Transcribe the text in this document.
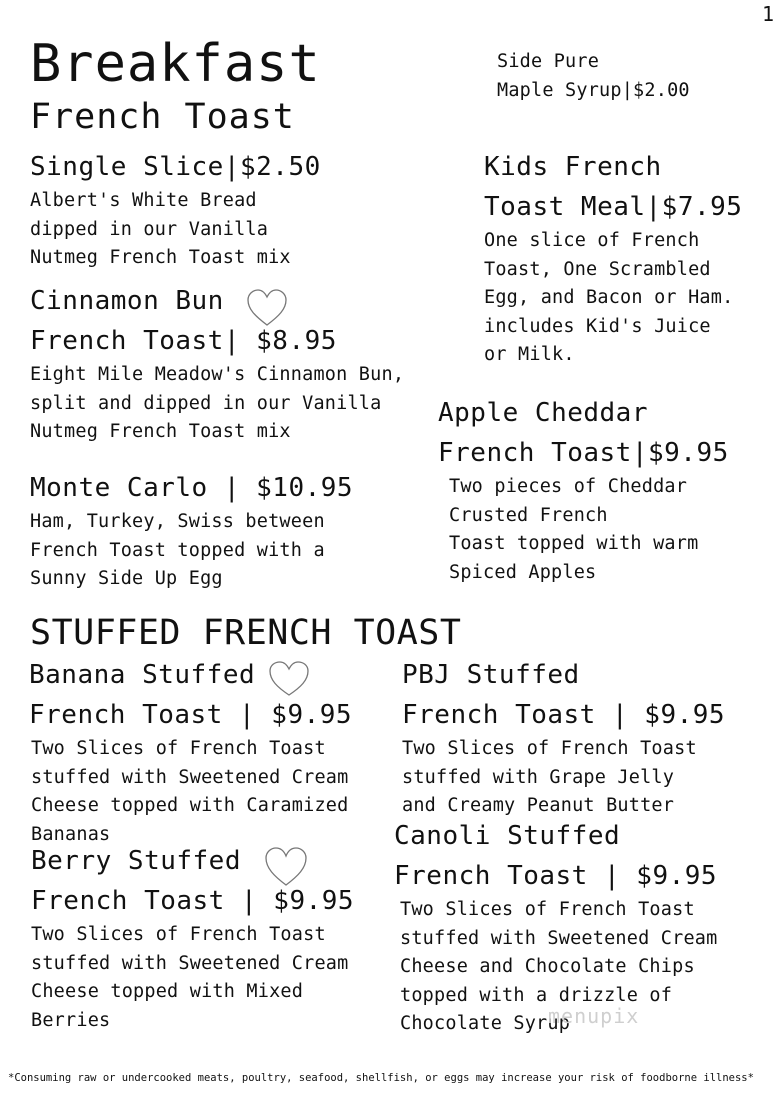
1
Breakfast
French Toast
Side Pure
Maple Syrup|$2.00
Single Slice|$2.50
Albert's White Bread
dipped in our Vanilla
Nutmeg French Toast mix
Kids French
Toast Meal|$7.95
One slice of French
Toast, One Scrambled
Egg, and Bacon or Ham.
includes Kid's Juice
or Milk.
Cinnamon Bun
French Toast| $8.95
Eight Mile Meadow's Cinnamon Bun,
split and dipped in our Vanilla
Nutmeg French Toast mix
Apple Cheddar
French Toast|$9.95
Two pieces of Cheddar
Crusted French
Toast topped with warm
Spiced Apples
Monte Carlo | $10.95
Ham, Turkey, Swiss between
French Toast topped with a
Sunny Side Up Egg
STUFFED FRENCH TOAST
Banana Stuffed
French Toast | $9.95
Two Slices of French Toast
stuffed with Sweetened Cream
Cheese topped with Caramized
Bananas
PBJ Stuffed
French Toast | $9.95
Two Slices of French Toast
stuffed with Grape Jelly
and Creamy Peanut Butter
Berry Stuffed
French Toast | $9.95
Two Slices of French Toast
stuffed with Sweetened Cream
Cheese topped with Mixed
Berries
Canoli Stuffed
French Toast | $9.95
Two Slices of French Toast
stuffed with Sweetened Cream
Cheese and Chocolate Chips
topped with a drizzle of
Chocolate Syrup
menupix
*Consuming raw or undercooked meats, poultry, seafood, shellfish, or eggs may increase your risk of foodborne illness*
